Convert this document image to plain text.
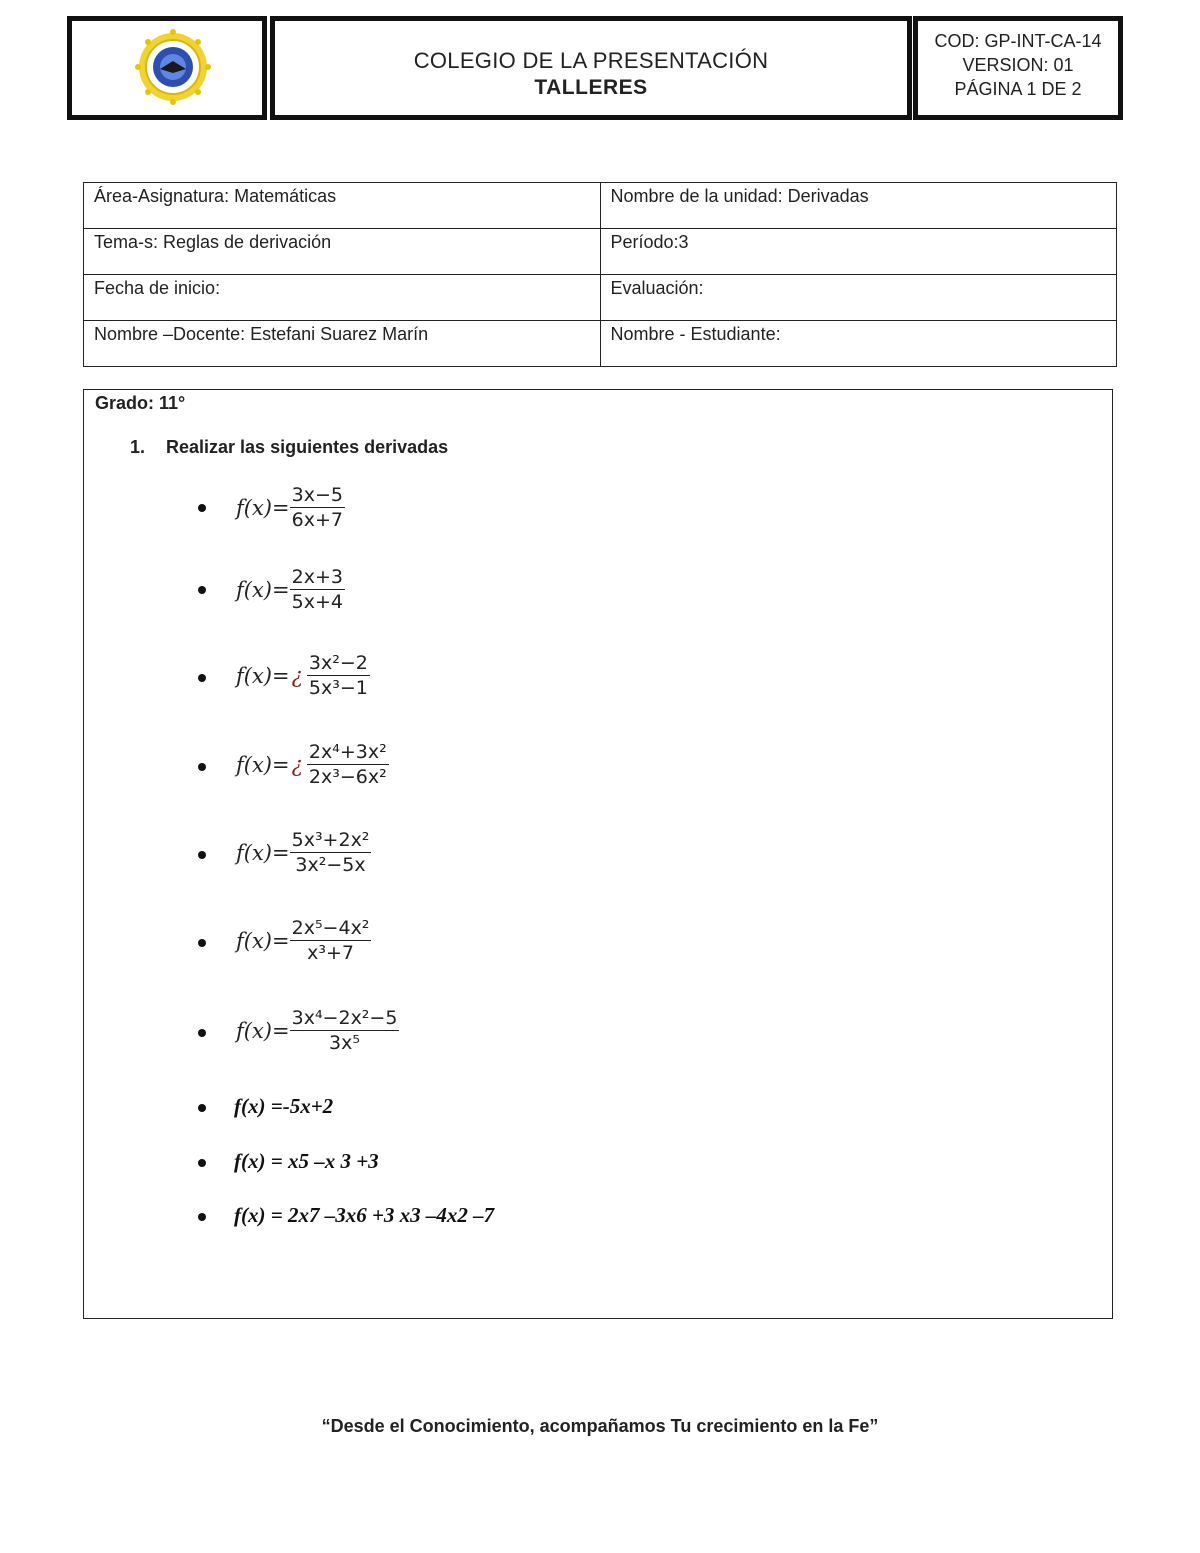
COLEGIO DE LA PRESENTACIÓN
TALLERES
COD: GP-INT-CA-14
VERSION: 01
PÁGINA 1 DE 2
Área-Asignatura: Matemáticas	Nombre de la unidad: Derivadas
Tema-s: Reglas de derivación	Período:3
Fecha de inicio:	Evaluación:
Nombre –Docente: Estefani Suarez Marín	Nombre - Estudiante:
Grado: 11°
1. Realizar las siguientes derivadas
$f(x)= \frac{3x-5}{6x+7}$
$f(x)= \frac{2x+3}{5x+4}$
f(x)=¿ $\frac{\text{3x²−2}}{\text{5x³−1}}$
f(x)=¿ $\frac{\text{2x⁴+3x²}}{\text{2x³−6x²}}$
$f(x)= \frac{\text{5x³+2x²}}{\text{3x²−5x}}$
$f(x)= \frac{\text{2x⁵−4x²}}{\text{x³+7}}$
$f(x)= \frac{\text{3x⁴−2x²−5}}{\text{3x⁵}}$
f(x) =-5x+2
f(x) = x5 –x 3 +3
f(x) = 2x7 –3x6 +3 x3 –4x2 –7
“Desde el Conocimiento, acompañamos Tu crecimiento en la Fe”
